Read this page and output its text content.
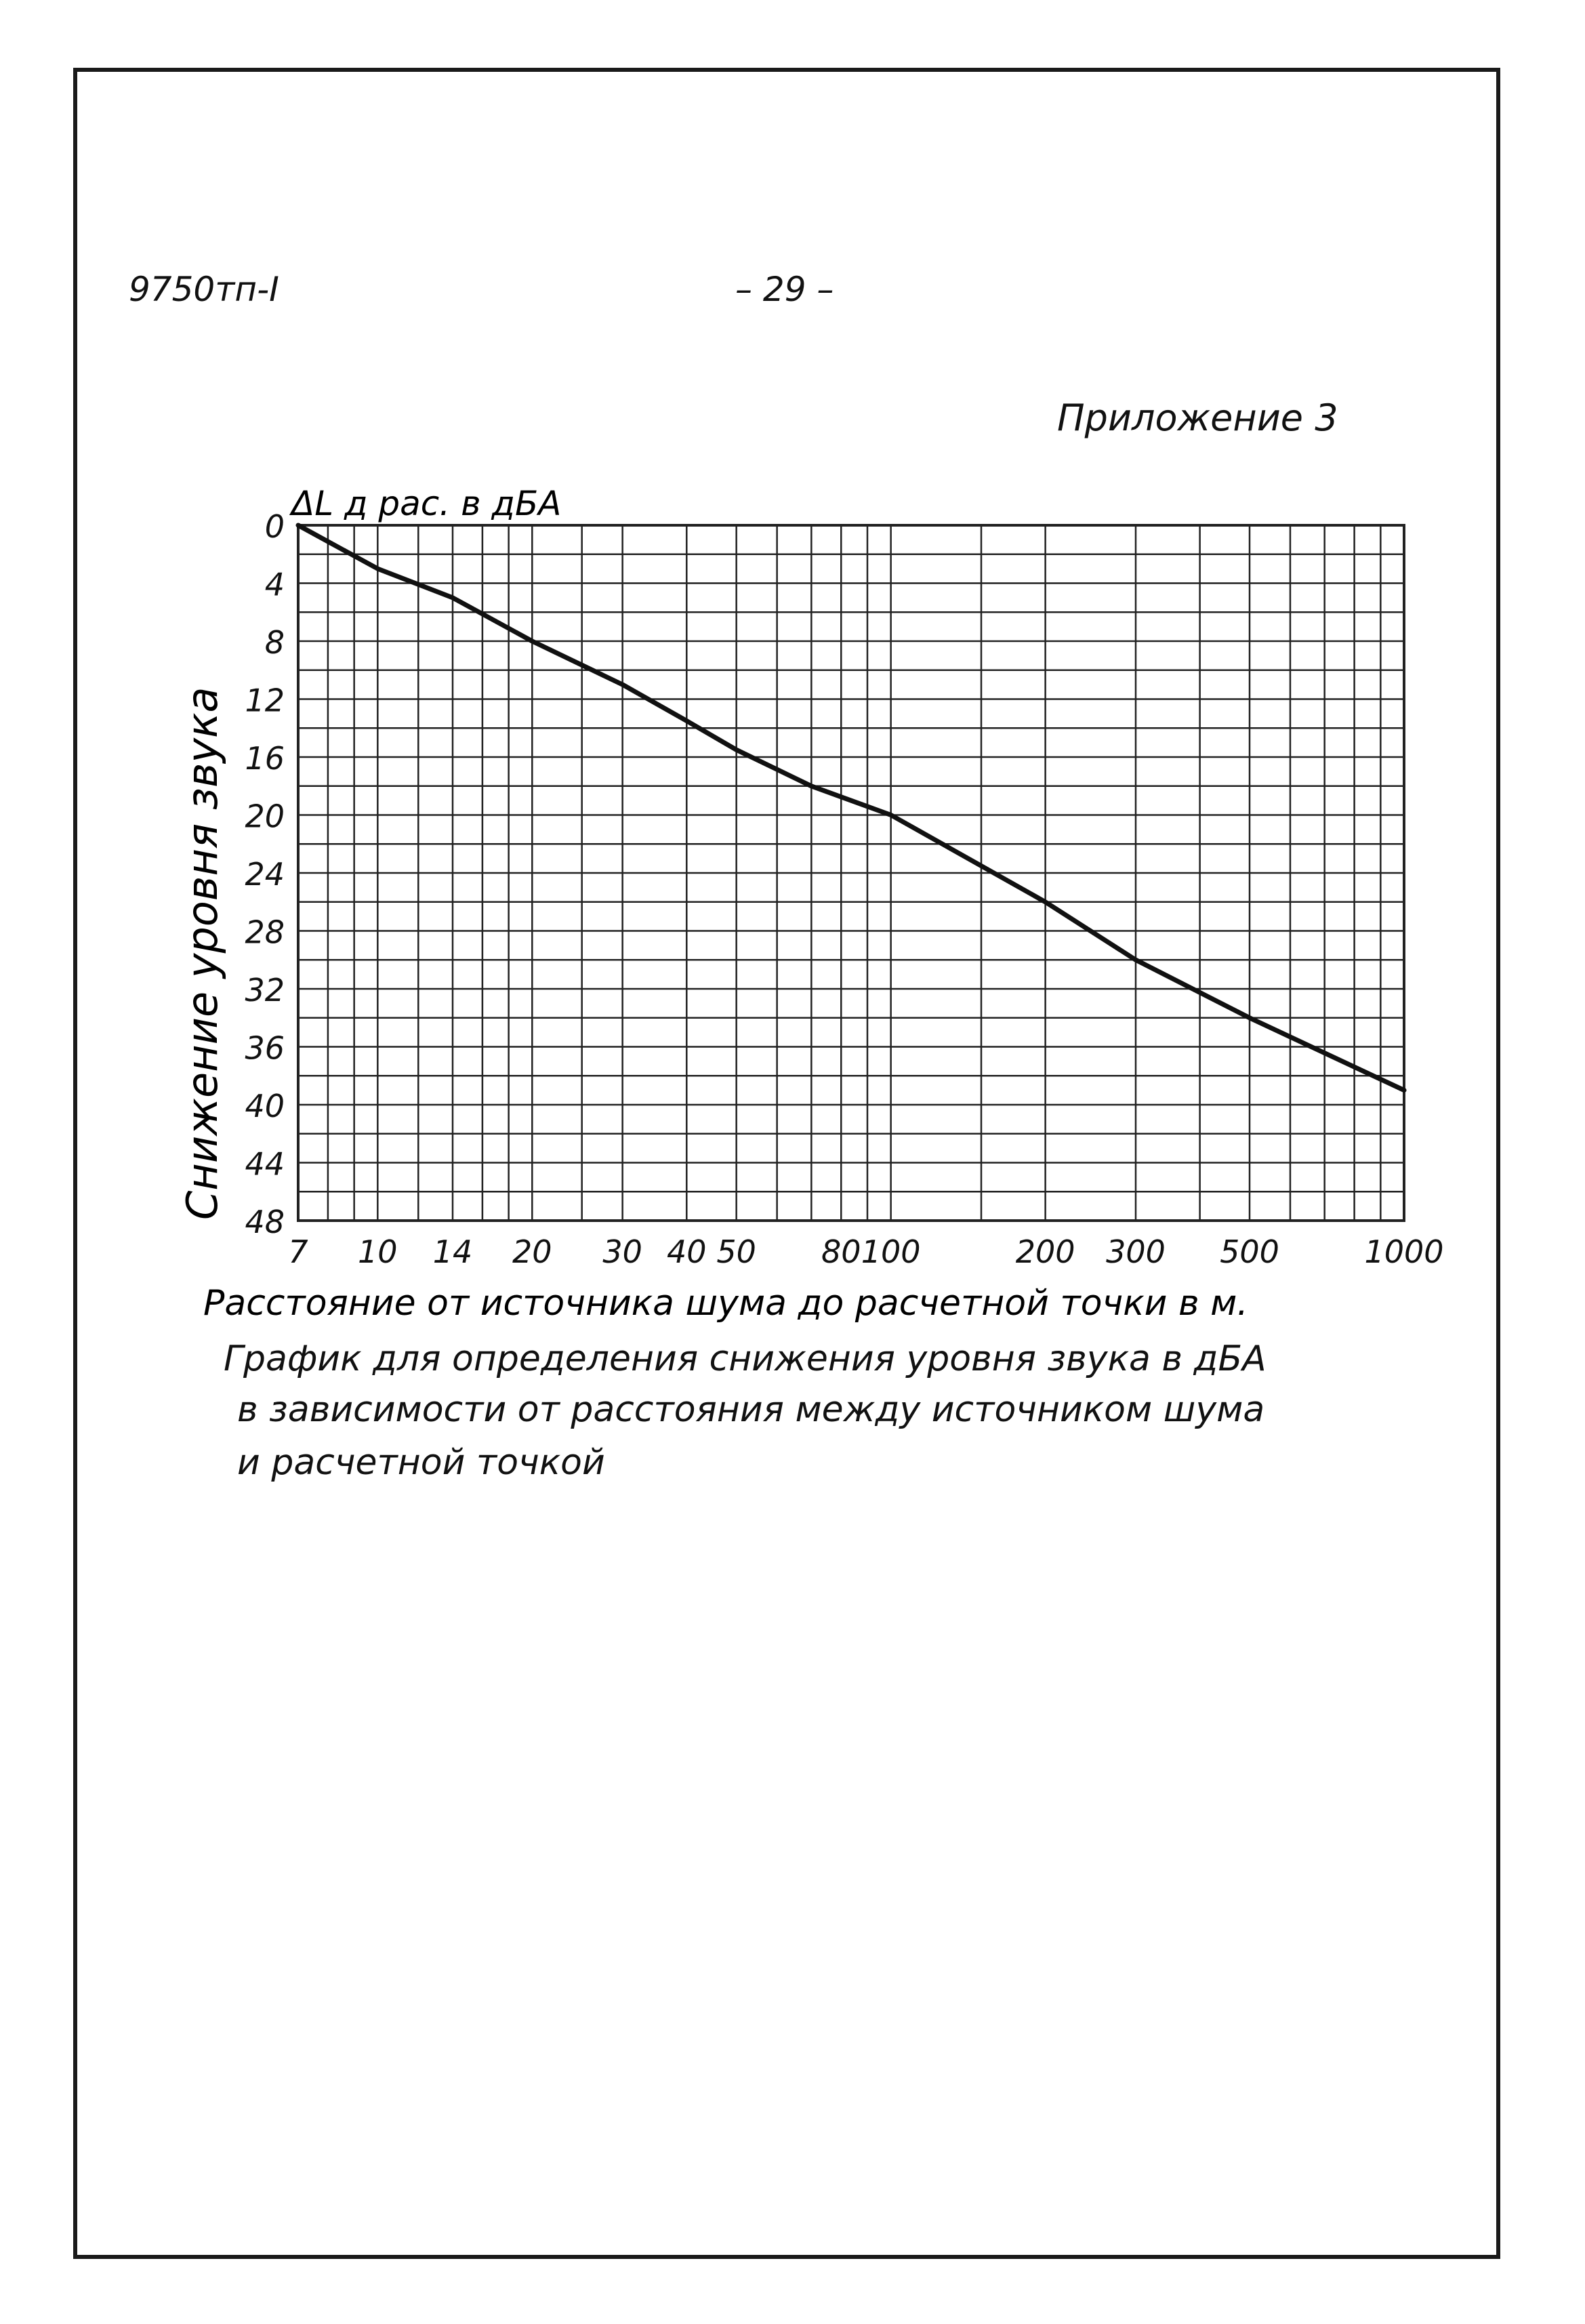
9750тп-I	– 29 –
Приложение 3
0
4
8
12
16
20
24
28
32
36
40
44
48
7 10 14 20 30 40 50 80 100	200 300 500	1000
ΔL д рас. в дБА
Снижение уровня звука
Расстояние от источника шума до расчетной точки в м.
График для определения снижения уровня звука в дБА
в зависимости от расстояния между источником шума
и расчетной точкой
